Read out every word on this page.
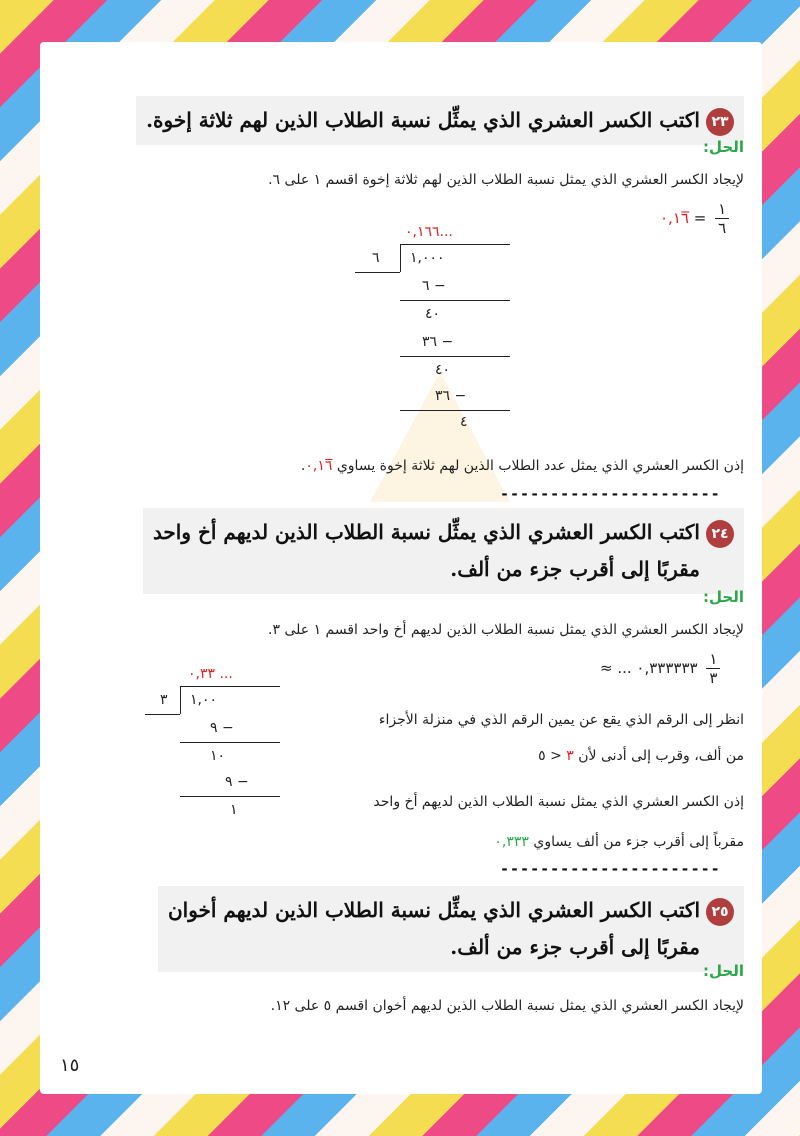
٢٣اكتب الكسر العشري الذي يمثِّل نسبة الطلاب الذين لهم ثلاثة إخوة.
الحل:
لإيجاد الكسر العشري الذي يمثل نسبة الطلاب الذين لهم ثلاثة إخوة اقسم ١ على ٦.
٠,١٦̅ = ١
٦
٠,١٦٦...
٦ ١,٠٠٠
٦ −
٤٠
٣٦ −
٤٠
٣٦ −
٤
إذن الكسر العشري الذي يمثل عدد الطلاب الذين لهم ثلاثة إخوة يساوي ٠,١٦̅.
----------------------
٢٤اكتب الكسر العشري الذي يمثِّل نسبة الطلاب الذين لديهم أخ واحد
مقربًا إلى أقرب جزء من ألف.
الحل:
لإيجاد الكسر العشري الذي يمثل نسبة الطلاب الذين لديهم أخ واحد اقسم ١ على ٣.
≈ ... ٠,٣٣٣٣٣٣ ١
٣
٠,٣٣ ...
٣ ١,٠٠
٩ −
١٠
٩ −
١
انظر إلى الرقم الذي يقع عن يمين الرقم الذي في منزلة الأجزاء
من ألف، وقرب إلى أدنى لأن ٣ < ٥
إذن الكسر العشري الذي يمثل نسبة الطلاب الذين لديهم أخ واحد
مقرباً إلى أقرب جزء من ألف يساوي ٠,٣٣٣
----------------------
٢٥اكتب الكسر العشري الذي يمثِّل نسبة الطلاب الذين لديهم أخوان
مقربًا إلى أقرب جزء من ألف.
الحل:
لإيجاد الكسر العشري الذي يمثل نسبة الطلاب الذين لديهم أخوان اقسم ٥ على ١٢.
١٥
